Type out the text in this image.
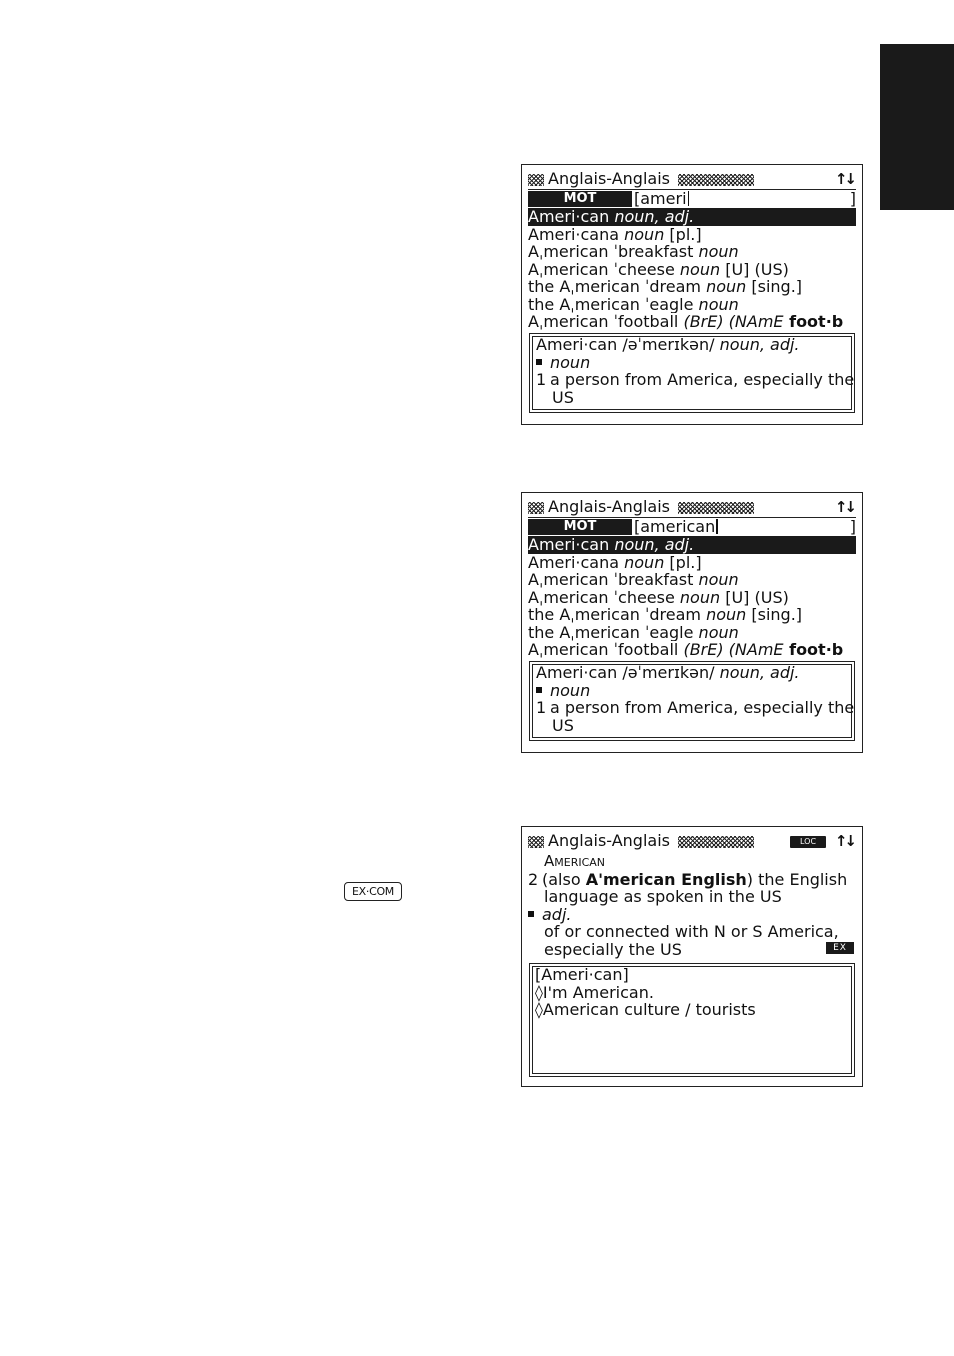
Anglais-Anglais	↑↓
MOT	[ameri	]
Ameri·can noun, adj.
Ameri·cana noun [pl.]
Aˌmerican ˈbreakfast noun
Aˌmerican ˈcheese noun [U] (US)
the Aˌmerican ˈdream noun [sing.]
the Aˌmerican ˈeagle noun
Aˌmerican ˈfootball (BrE) (NAmE foot·b
Ameri·can /əˈmerɪkən/ noun, adj.
noun
1 a person from America, especially the
US
Anglais-Anglais	↑↓
MOT	[american	]
Ameri·can noun, adj.
Ameri·cana noun [pl.]
Aˌmerican ˈbreakfast noun
Aˌmerican ˈcheese noun [U] (US)
the Aˌmerican ˈdream noun [sing.]
the Aˌmerican ˈeagle noun
Aˌmerican ˈfootball (BrE) (NAmE foot·b
Ameri·can /əˈmerɪkən/ noun, adj.
noun
1 a person from America, especially the
US
EX·COM
Anglais-Anglais	LOC	↑↓
American
2 (also A'merican English) the English
language as spoken in the US
adj.
of or connected with N or S America,
especially the US	EX
[Ameri·can]
◊I'm American.
◊American culture / tourists
